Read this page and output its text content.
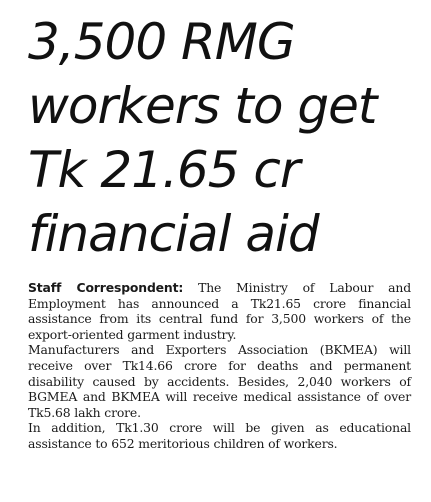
3,500 RMG
workers to get
Tk 21.65 cr
financial aid

Staff Correspondent: The Ministry of Labour and Employment has announced a Tk21.65 crore financial assistance from its central fund for 3,500 workers of the export-oriented garment industry.

Manufacturers and Exporters Association (BKMEA) will receive over Tk14.66 crore for deaths and permanent disability caused by accidents. Besides, 2,040 workers of BGMEA and BKMEA will receive medical assistance of over Tk5.68 lakh crore.

In addition, Tk1.30 crore will be given as educational assistance to 652 meritorious children of workers.
